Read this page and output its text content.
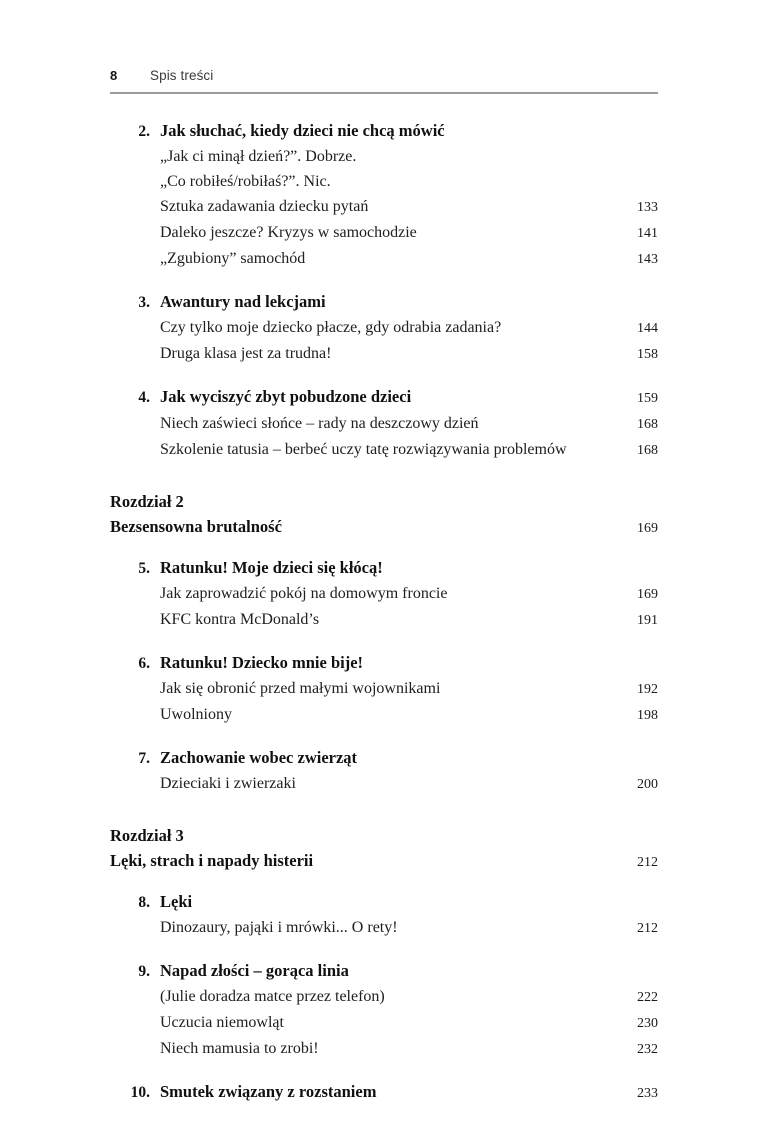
8	Spis treści
2. Jak słuchać, kiedy dzieci nie chcą mówić
„Jak ci minął dzień?”. Dobrze.
„Co robiłeś/robiłaś?”. Nic.
Sztuka zadawania dziecku pytań	133
Daleko jeszcze? Kryzys w samochodzie	141
„Zgubiony” samochód	143
3. Awantury nad lekcjami
Czy tylko moje dziecko płacze, gdy odrabia zadania?	144
Druga klasa jest za trudna!	158
4. Jak wyciszyć zbyt pobudzone dzieci	159
Niech zaświeci słońce – rady na deszczowy dzień	168
Szkolenie tatusia – berbeć uczy tatę rozwiązywania problemów	168
Rozdział 2
Bezsensowna brutalność	169
5. Ratunku! Moje dzieci się kłócą!
Jak zaprowadzić pokój na domowym froncie	169
KFC kontra McDonald’s	191
6. Ratunku! Dziecko mnie bije!
Jak się obronić przed małymi wojownikami	192
Uwolniony	198
7. Zachowanie wobec zwierząt
Dzieciaki i zwierzaki	200
Rozdział 3
Lęki, strach i napady histerii	212
8. Lęki
Dinozaury, pająki i mrówki... O rety!	212
9. Napad złości – gorąca linia
(Julie doradza matce przez telefon)	222
Uczucia niemowląt	230
Niech mamusia to zrobi!	232
10. Smutek związany z rozstaniem	233
